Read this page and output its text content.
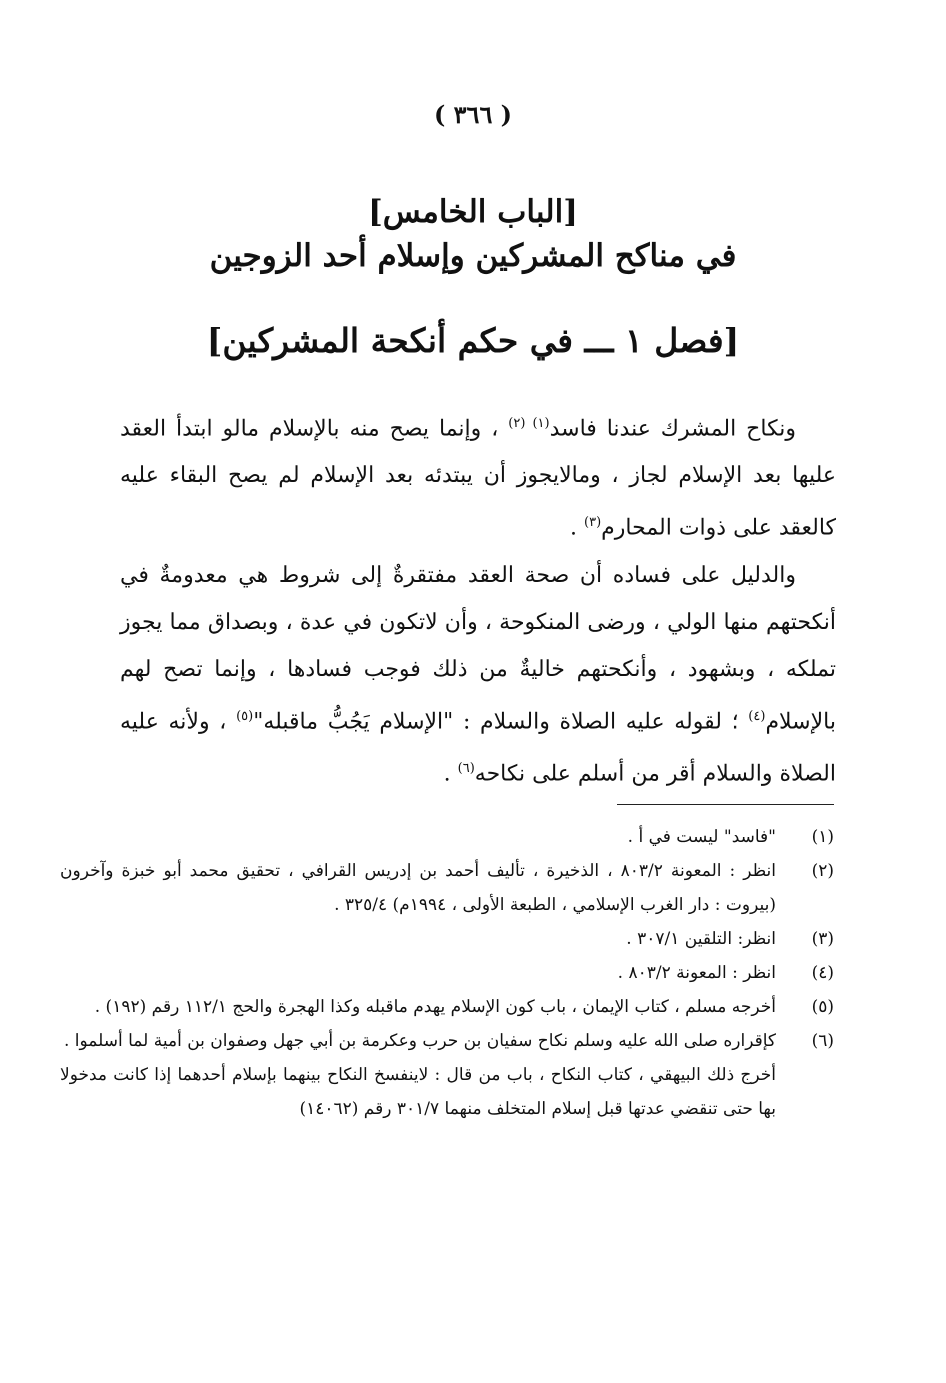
( ٣٦٦ )
[الباب الخامس]
في مناكح المشركين وإسلام أحد الزوجين
[فصل ١ ـــ في حكم أنكحة المشركين]

ونكاح المشرك عندنا فاسد$^{(١) (٢)}$ ، وإنما يصح منه بالإسلام مالو ابتدأ العقد عليها بعد الإسلام لجاز ، ومالايجوز أن يبتدئه بعد الإسلام لم يصح البقاء عليه كالعقد على ذوات المحارم$^{(٣)}$ .

والدليل على فساده أن صحة العقد مفتقرةٌ إلى شروط هي معدومةٌ في أنكحتهم منها الولي ، ورضى المنكوحة ، وأن لاتكون في عدة ، وبصداق مما يجوز تملكه ، وبشهود ، وأنكحتهم خاليةٌ من ذلك فوجب فسادها ، وإنما تصح لهم بالإسلام$^{(٤)}$ ؛ لقوله عليه الصلاة والسلام : "الإسلام يَجُبُّ ماقبله"$^{(٥)}$ ، ولأنه عليه الصلاة والسلام أقر من أسلم على نكاحه$^{(٦)}$ .

(١)
"فاسد" ليست في أ .
(٢)
انظر : المعونة ٨٠٣/٢ ، الذخيرة ، تأليف أحمد بن إدريس القرافي ، تحقيق محمد أبو خبزة وآخرون (بيروت : دار الغرب الإسلامي ، الطبعة الأولى ، ١٩٩٤م) ٣٢٥/٤ .
(٣)
انظر: التلقين ٣٠٧/١ .
(٤)
انظر : المعونة ٨٠٣/٢ .
(٥)
أخرجه مسلم ، كتاب الإيمان ، باب كون الإسلام يهدم ماقبله وكذا الهجرة والحج ١١٢/١ رقم (١٩٢) .
(٦)
كإقراره صلى الله عليه وسلم نكاح سفيان بن حرب وعكرمة بن أبي جهل وصفوان بن أمية لما أسلموا .
أخرج ذلك البيهقي ، كتاب النكاح ، باب من قال : لاينفسخ النكاح بينهما بإسلام أحدهما إذا كانت مدخولا بها حتى تنقضي عدتها قبل إسلام المتخلف منهما ٣٠١/٧ رقم (١٤٠٦٢)
